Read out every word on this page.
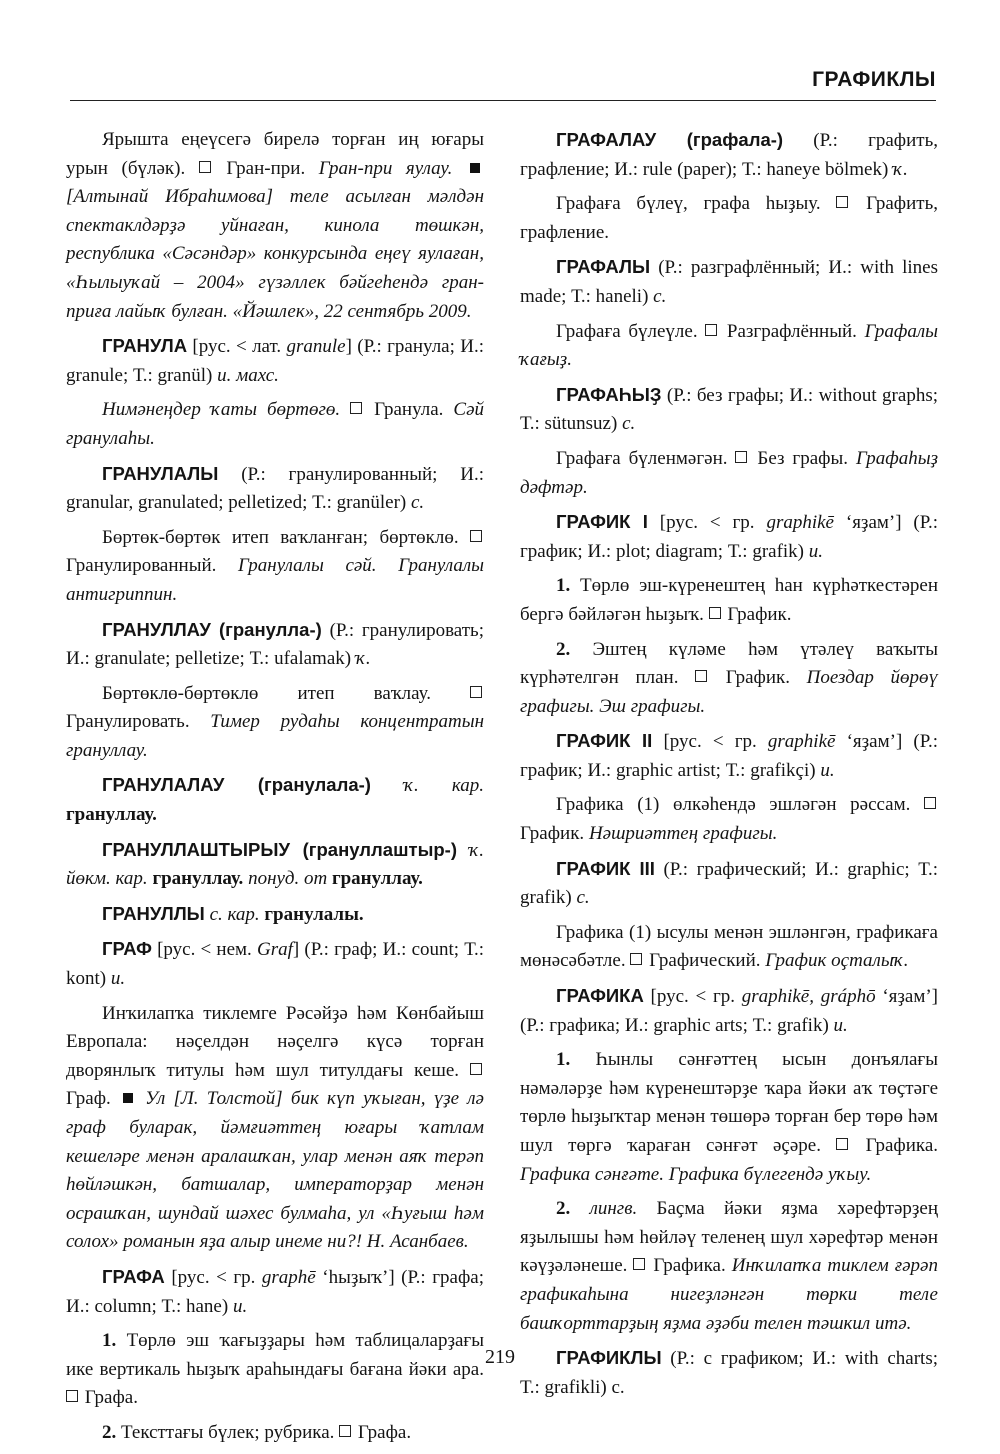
ГРАФИКЛЫ

Ярышта еңеүсегә бирелә торған иң юғары урын (бүләк).  Гран-при. Гран-при яулау.  [Алтынай Ибраһимова] теле асылған мәлдән спектаклдәрҙә уйнаған, кинола төшкән, республика «Сәсәндәр» конкурсында еңеү яулаған, «Һылыуҡай – 2004» гүзәллек бәйгеһендә гран-приға лайыҡ булған. «Йәшлек», 22 сентябрь 2009.

ГРАНУЛА [рус. < лат. granule] (Р.: гранула; И.: granule; Т.: granül) и. махс.

Нимәнеңдер ҡаты бөртөгө.  Гранула. Сәй гранулаһы.

ГРАНУЛАЛЫ (Р.: гранулированный; И.: granular, granulated; pelletized; Т.: granüler) с.

Бөртөк-бөртөк итеп ваҡланған; бөртөклө.  Гранулированный. Гранулалы сәй. Гранулалы антигриппин.

ГРАНУЛЛАУ (гранулла-) (Р.: гранулировать; И.: granulate; pelletize; Т.: ufalamak) ҡ.

Бөртөклө-бөртөклө итеп ваҡлау.  Гранулировать. Тимер рудаһы концентратын грануллау.

ГРАНУЛАЛАУ (гранулала-) ҡ. кар. грануллау.

ГРАНУЛЛАШТЫРЫУ (грануллаштыр-) ҡ. йөкм. кар. грануллау. понуд. от грануллау.

ГРАНУЛЛЫ с. кар. гранулалы.

ГРАФ [рус. < нем. Graf] (Р.: граф; И.: count; Т.: kont) и.

Инҡилапҡа тиклемге Рәсәйҙә һәм Көнбайыш Европала: нәҫелдән нәҫелгә күсә торған дворянлыҡ титулы һәм шул титулдағы кеше.  Граф.  Ул [Л. Толстой] бик күп уҡыған, үҙе лә граф буларак, йәмғиәттең юғары ҡатлам кешеләре менән аралашҡан, улар менән аяҡ терәп һөйләшкән, батшалар, императорҙар менән осрашҡан, шундай шәхес булмаһа, ул «Һуғыш һәм солох» романын яҙа алыр инеме ни?! Н. Асанбаев.

ГРАФА [рус. < гр. graphē ‘һыҙыҡ’] (Р.: графа; И.: column; Т.: hane) и.

1. Төрлө эш ҡағыҙҙары һәм таблицаларҙағы ике вертикаль һыҙыҡ араһындағы бағана йәки ара.  Графа.

2. Тексттағы бүлек; рубрика.  Графа.

ГРАФАЛАУ (графала-) (Р.: графить, графление; И.: rule (paper); Т.: haneye bölmek) ҡ.

Графаға бүлеү, графа һыҙыу.  Графить, графление.

ГРАФАЛЫ (Р.: разграфлённый; И.: with lines made; Т.: haneli) с.

Графаға бүлеүле.  Разграфлённый. Графалы ҡағыҙ.

ГРАФАҺЫҘ (Р.: без графы; И.: without graphs; Т.: sütunsuz) с.

Графаға бүленмәгән.  Без графы. Графаһыҙ дәфтәр.

ГРАФИК I [рус. < гр. graphikē ‘яҙам’] (Р.: график; И.: plot; diagram; Т.: grafik) и.

1. Төрлө эш-күренештең һан күрһәткестәрен бергә бәйләгән һыҙыҡ.  График.

2. Эштең күләме һәм үтәлеү ваҡыты күрһәтелгән план.  График. Поездар йөрөү графигы. Эш графигы.

ГРАФИК II [рус. < гр. graphikē ‘яҙам’] (Р.: график; И.: graphic artist; Т.: grafikçi) и.

Графика (1) өлкәһендә эшләгән рәссам.  График. Нәшриәттең графигы.

ГРАФИК III (Р.: графический; И.: graphic; Т.: grafik) с.

Графика (1) ысулы менән эшләнгән, графикаға мөнәсәбәтле.  Графический. График оҫталыҡ.

ГРАФИКА [рус. < гр. graphikē, gráphō ‘яҙам’] (Р.: графика; И.: graphic arts; Т.: grafik) и.

1. Һынлы сәнғәттең ысын донъялағы нәмәләрҙе һәм күренештәрҙе ҡара йәки аҡ төҫтәге төрлө һыҙыҡтар менән төшөрә торған бер төрө һәм шул төргә ҡараған сәнғәт әҫәре.  Графика. Графика сәнғәте. Графика бүлегендә уҡыу.

2. лингв. Баҫма йәки яҙма хәрефтәрҙең яҙылышы һәм һөйләү теленең шул хәрефтәр менән кәүҙәләнеше.  Графика. Инҡилапҡа тиклем ғәрәп графикаһына нигеҙләнгән төрки теле башҡорттарҙың яҙма әҙәби телен тәшкил итә.

ГРАФИКЛЫ (Р.: с графиком; И.: with charts; Т.: grafikli) с.

219
